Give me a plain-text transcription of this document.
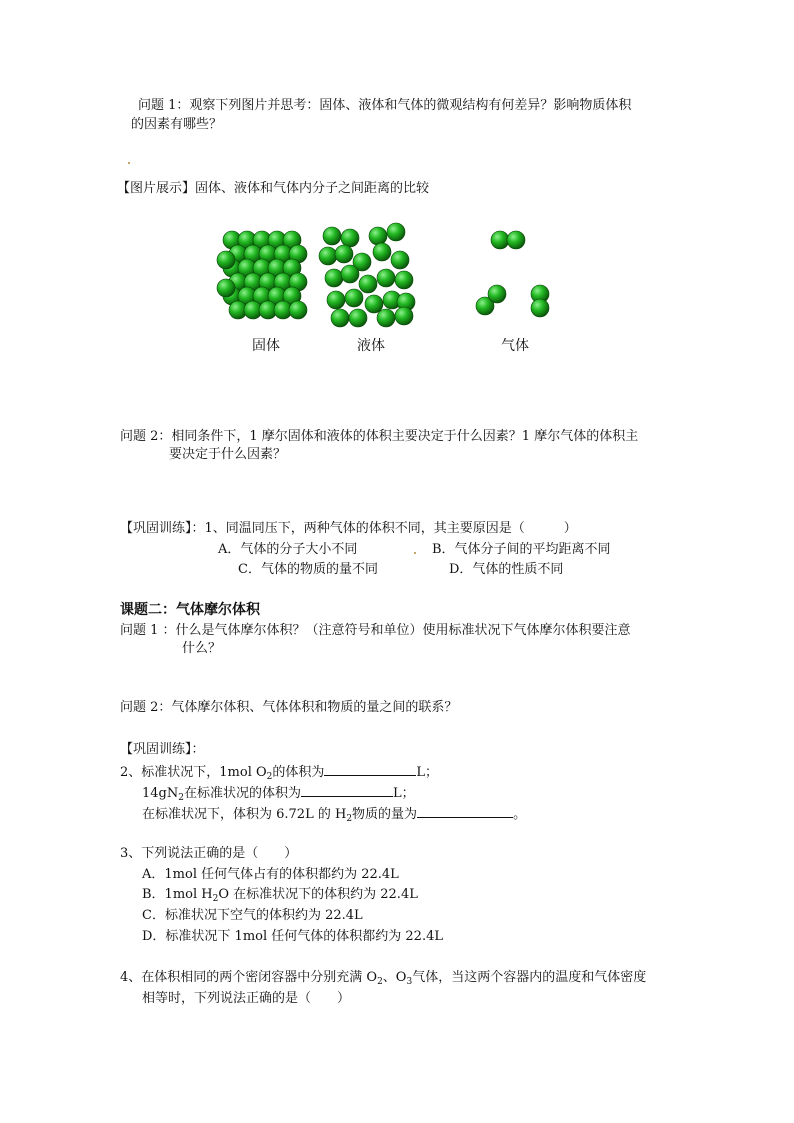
问题 1：观察下列图片并思考：固体、液体和气体的微观结构有何差异？影响物质体积
的因素有哪些？
【图片展示】固体、液体和气体内分子之间距离的比较
固体	液体	气体
问题 2：相同条件下，1 摩尔固体和液体的体积主要决定于什么因素？1 摩尔气体的体积主
要决定于什么因素？
【巩固训练】：1、同温同压下，两种气体的体积不同，其主要原因是（　　　）
A．气体的分子大小不同	B．气体分子间的平均距离不同
C．气体的物质的量不同	D．气体的性质不同
课题二：气体摩尔体积
问题 1 ：什么是气体摩尔体积？（注意符号和单位）使用标准状况下气体摩尔体积要注意
什么？
问题 2：气体摩尔体积、气体体积和物质的量之间的联系？
【巩固训练】：
2、标准状况下，1mol $O_2$的体积为	L；
$14gN_2$在标准状况的体积为	L；
在标准状况下，体积为 6.72L 的 $H_2$物质的量为	。
3、下列说法正确的是（　　）
A．1mol 任何气体占有的体积都约为 22.4L
B．1mol $H_2O$ 在标准状况下的体积约为 22.4L
C．标准状况下空气的体积约为 22.4L
D．标准状况下 1mol 任何气体的体积都约为 22.4L
4、在体积相同的两个密闭容器中分别充满 $O_2$、$O_3$气体，当这两个容器内的温度和气体密度
相等时，下列说法正确的是（　　）
